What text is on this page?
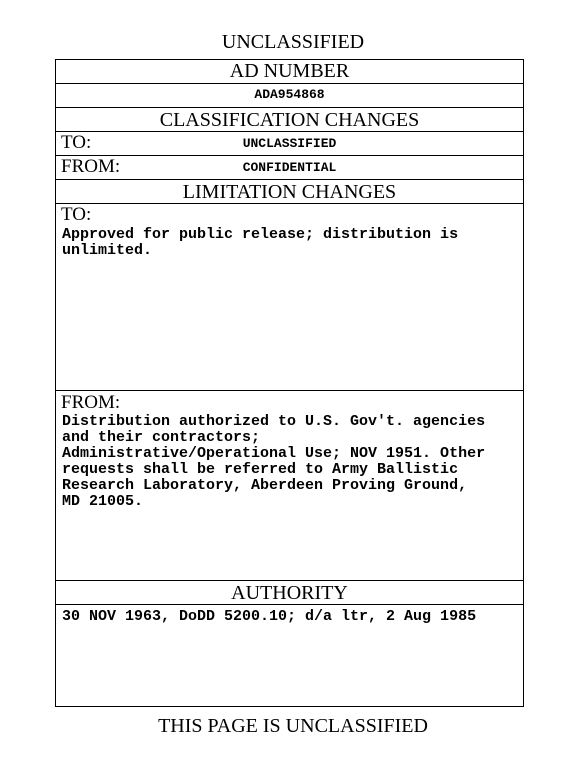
UNCLASSIFIED
AD NUMBER
ADA954868
CLASSIFICATION CHANGES
TO:	UNCLASSIFIED
FROM:	CONFIDENTIAL
LIMITATION CHANGES
TO:
Approved for public release; distribution is
unlimited.
FROM:
Distribution authorized to U.S. Gov't. agencies
and their contractors;
Administrative/Operational Use; NOV 1951. Other
requests shall be referred to Army Ballistic
Research Laboratory, Aberdeen Proving Ground,
MD 21005.
AUTHORITY
30 NOV 1963, DoDD 5200.10; d/a ltr, 2 Aug 1985
THIS PAGE IS UNCLASSIFIED
